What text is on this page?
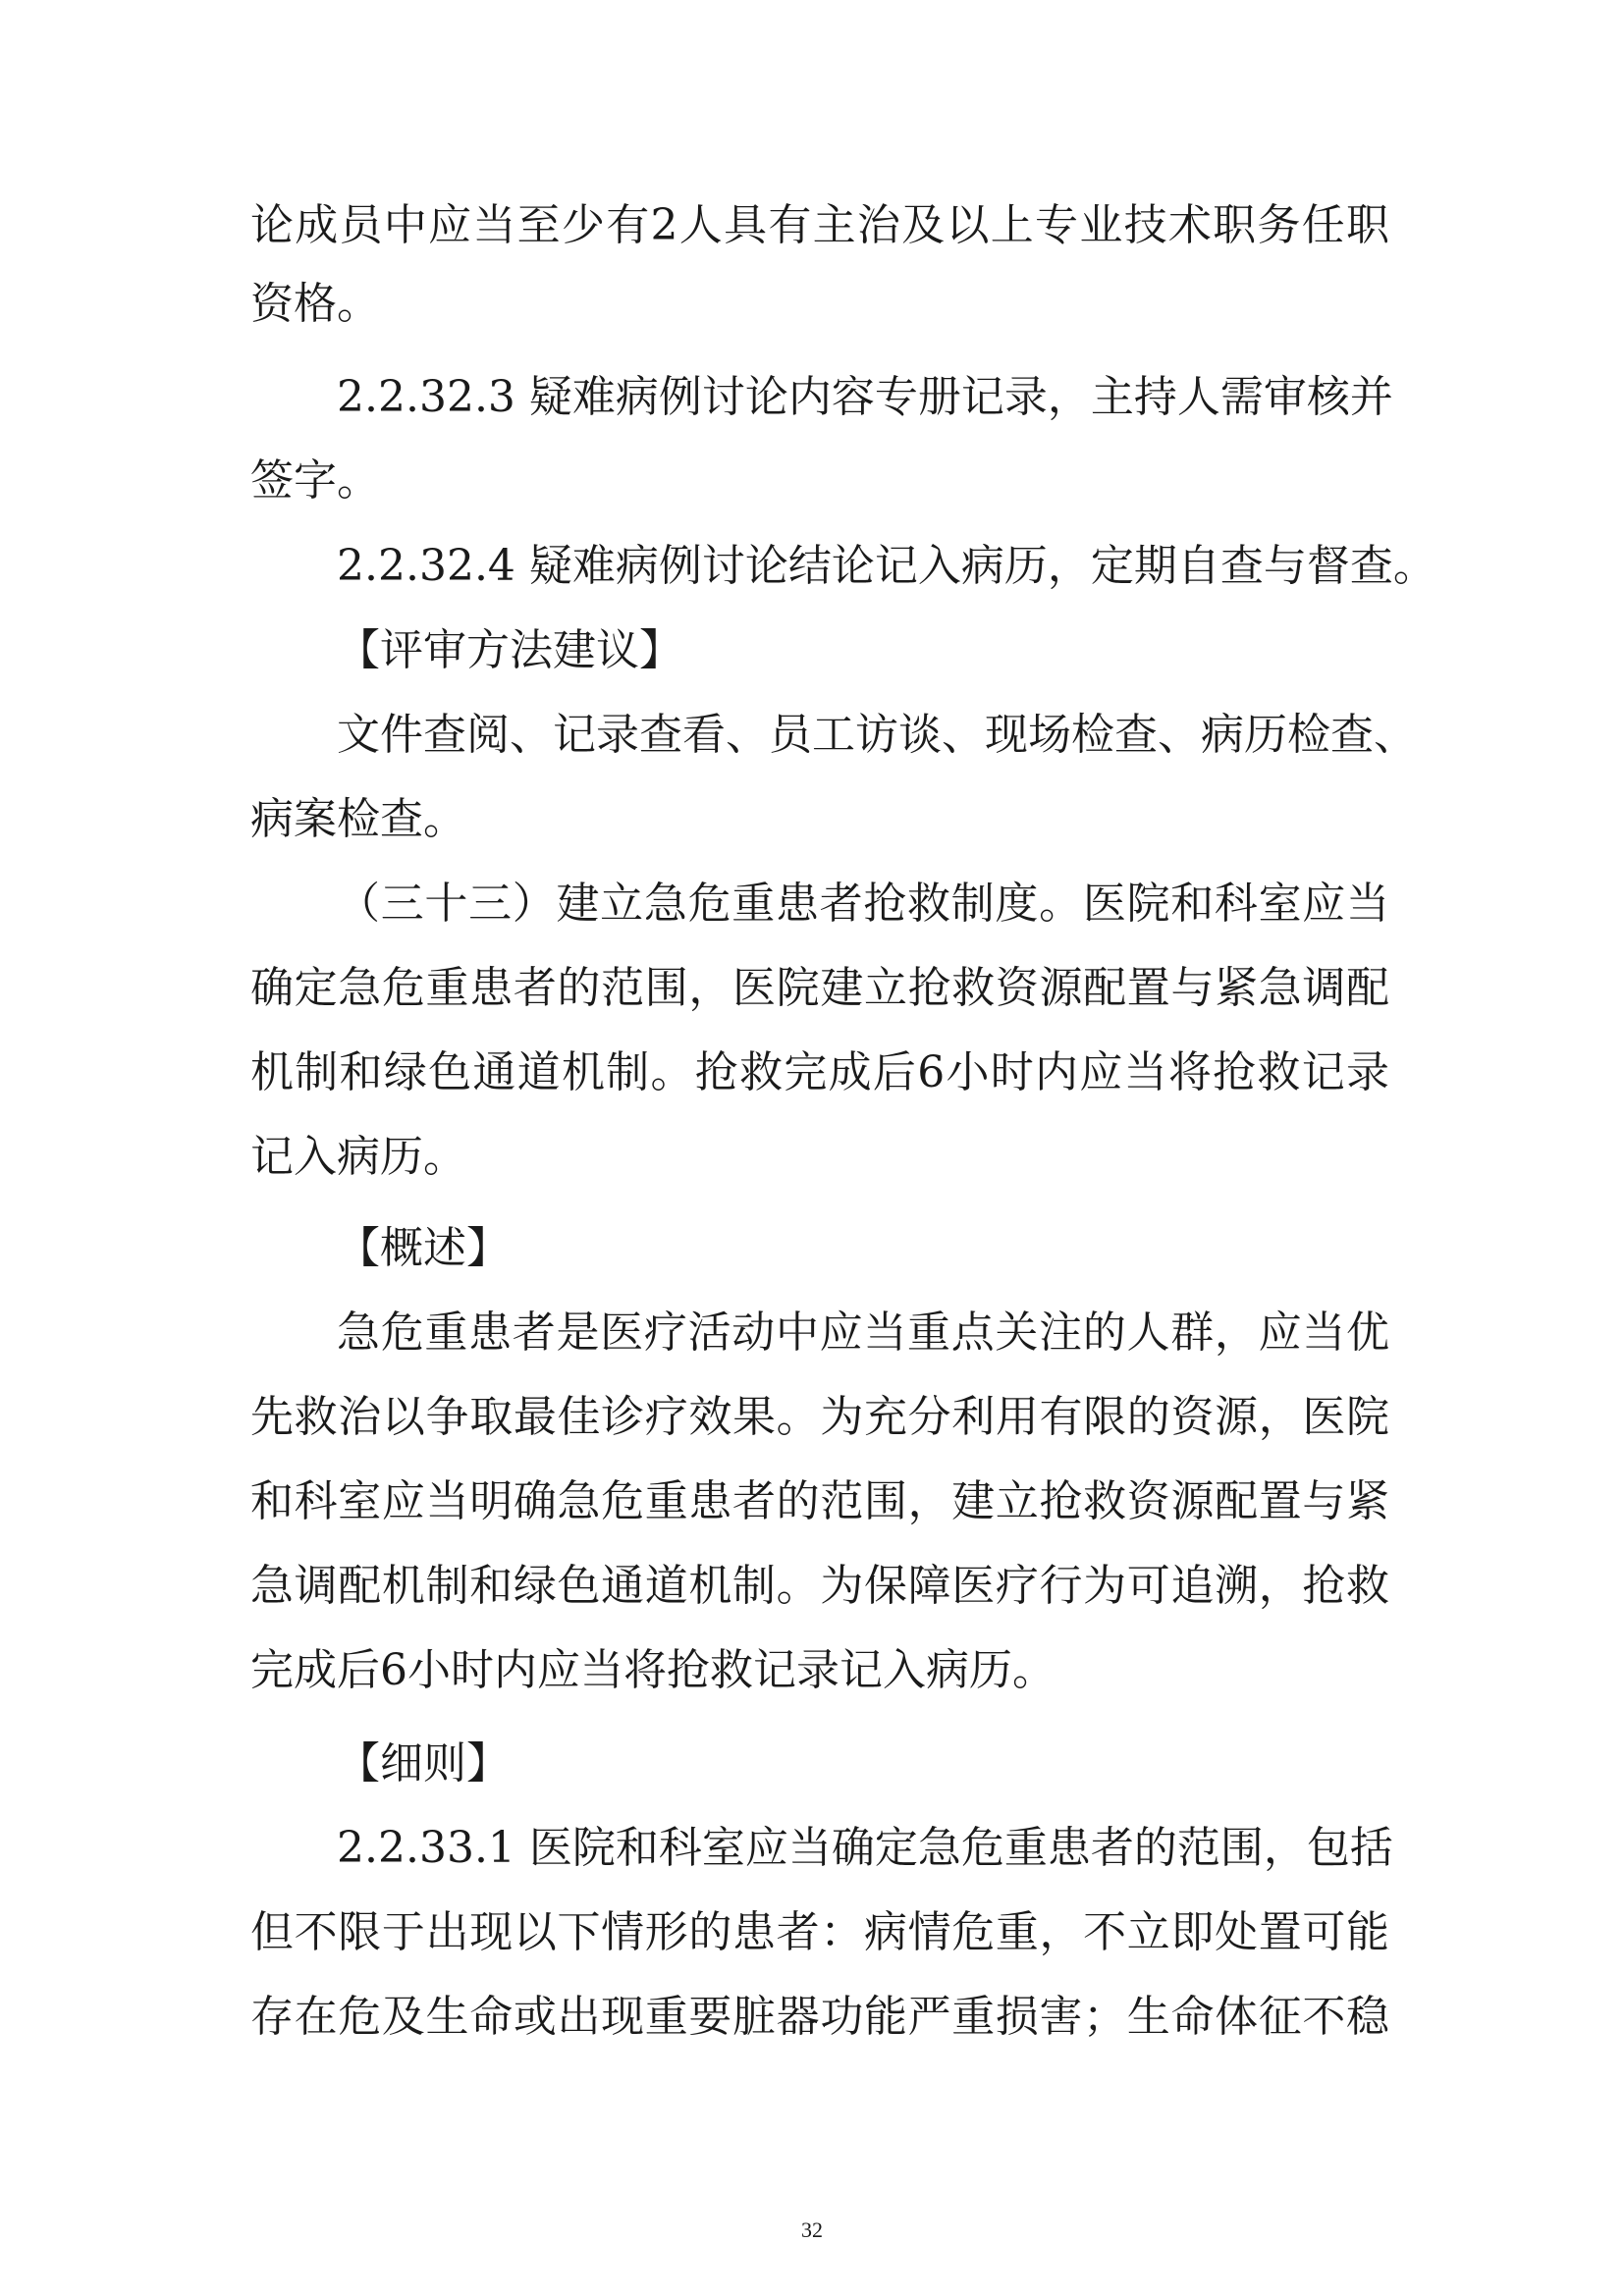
论成员中应当至少有2人具有主治及以上专业技术职务任职
资格。
2.2.32.3 疑难病例讨论内容专册记录，主持人需审核并
签字。
2.2.32.4 疑难病例讨论结论记入病历，定期自查与督查。
【评审方法建议】
文件查阅、记录查看、员工访谈、现场检查、病历检查、
病案检查。
（三十三）建立急危重患者抢救制度。医院和科室应当
确定急危重患者的范围，医院建立抢救资源配置与紧急调配
机制和绿色通道机制。抢救完成后6小时内应当将抢救记录
记入病历。
【概述】
急危重患者是医疗活动中应当重点关注的人群，应当优
先救治以争取最佳诊疗效果。为充分利用有限的资源，医院
和科室应当明确急危重患者的范围，建立抢救资源配置与紧
急调配机制和绿色通道机制。为保障医疗行为可追溯，抢救
完成后6小时内应当将抢救记录记入病历。
【细则】
2.2.33.1 医院和科室应当确定急危重患者的范围，包括
但不限于出现以下情形的患者：病情危重，不立即处置可能
存在危及生命或出现重要脏器功能严重损害；生命体征不稳
32
